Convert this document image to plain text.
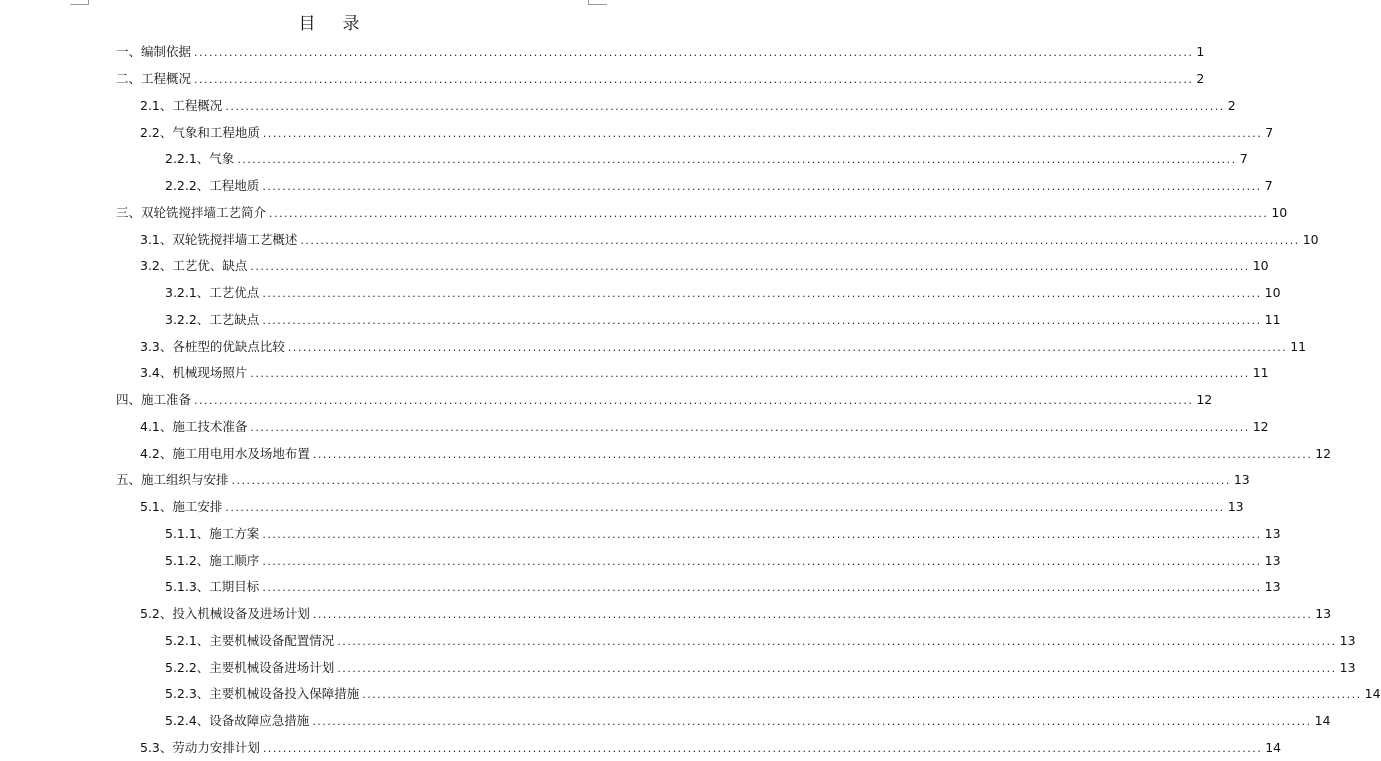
目 录
一、编制依据 ........................................................................................................................................................................................................ 1
二、工程概况 ........................................................................................................................................................................................................ 2
2.1、工程概况 ........................................................................................................................................................................................................ 2
2.2、气象和工程地质 ........................................................................................................................................................................................................ 7
2.2.1、气象 ........................................................................................................................................................................................................ 7
2.2.2、工程地质 ........................................................................................................................................................................................................ 7
三、双轮铣搅拌墙工艺简介 ........................................................................................................................................................................................................ 10
3.1、双轮铣搅拌墙工艺概述 ........................................................................................................................................................................................................ 10
3.2、工艺优、缺点 ........................................................................................................................................................................................................ 10
3.2.1、工艺优点 ........................................................................................................................................................................................................ 10
3.2.2、工艺缺点 ........................................................................................................................................................................................................ 11
3.3、各桩型的优缺点比较 ........................................................................................................................................................................................................ 11
3.4、机械现场照片 ........................................................................................................................................................................................................ 11
四、施工准备 ........................................................................................................................................................................................................ 12
4.1、施工技术准备 ........................................................................................................................................................................................................ 12
4.2、施工用电用水及场地布置 ........................................................................................................................................................................................................ 12
五、施工组织与安排 ........................................................................................................................................................................................................ 13
5.1、施工安排 ........................................................................................................................................................................................................ 13
5.1.1、施工方案 ........................................................................................................................................................................................................ 13
5.1.2、施工顺序 ........................................................................................................................................................................................................ 13
5.1.3、工期目标 ........................................................................................................................................................................................................ 13
5.2、投入机械设备及进场计划 ........................................................................................................................................................................................................ 13
5.2.1、主要机械设备配置情况 ........................................................................................................................................................................................................ 13
5.2.2、主要机械设备进场计划 ........................................................................................................................................................................................................ 13
5.2.3、主要机械设备投入保障措施 ........................................................................................................................................................................................................ 14
5.2.4、设备故障应急措施 ........................................................................................................................................................................................................ 14
5.3、劳动力安排计划 ........................................................................................................................................................................................................ 14
